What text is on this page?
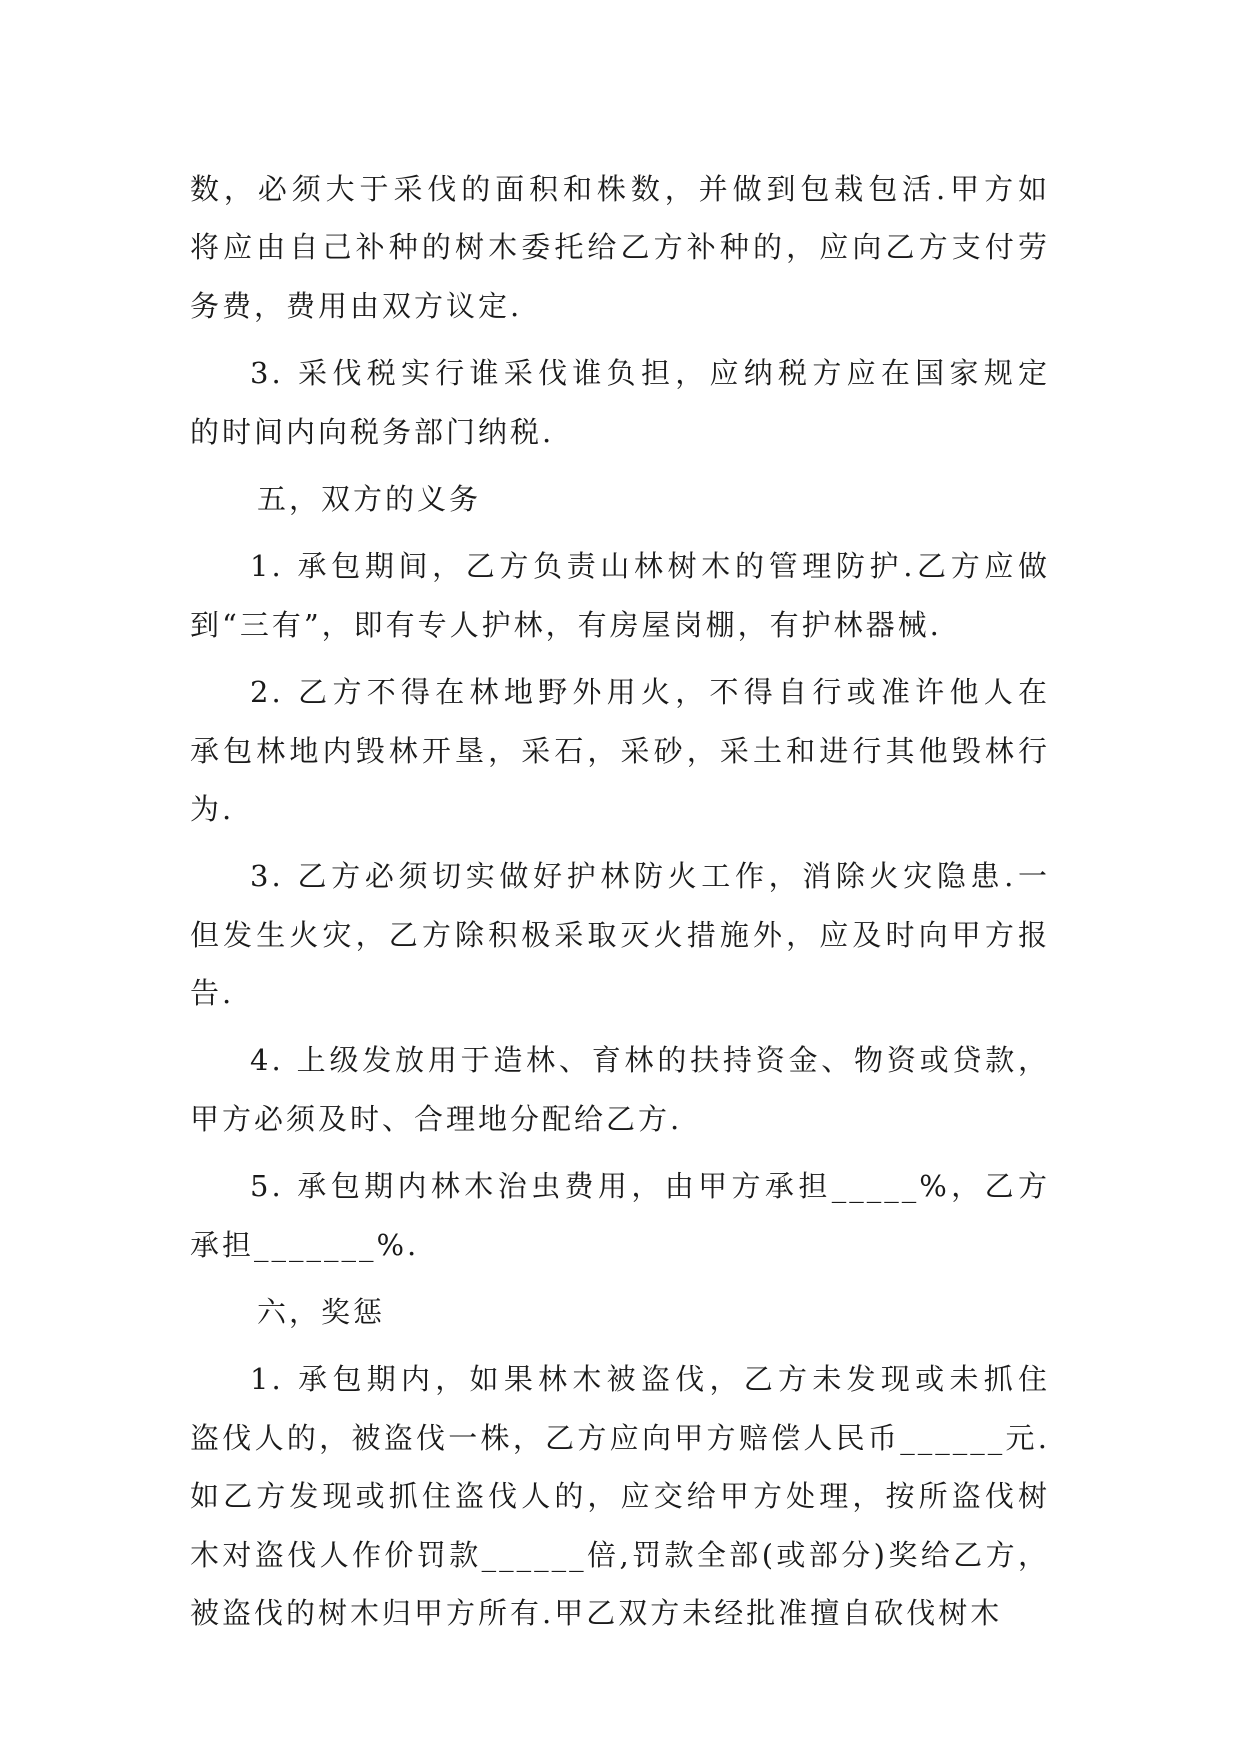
数，必须大于采伐的面积和株数，并做到包栽包活.甲方如
将应由自己补种的树木委托给乙方补种的，应向乙方支付劳
务费，费用由双方议定.
3. 采伐税实行谁采伐谁负担，应纳税方应在国家规定
的时间内向税务部门纳税.
五，双方的义务
1. 承包期间，乙方负责山林树木的管理防护.乙方应做
到“三有”，即有专人护林，有房屋岗棚，有护林器械.
2. 乙方不得在林地野外用火，不得自行或准许他人在
承包林地内毁林开垦，采石，采砂，采土和进行其他毁林行
为.
3. 乙方必须切实做好护林防火工作，消除火灾隐患.一
但发生火灾，乙方除积极采取灭火措施外，应及时向甲方报
告.
4. 上级发放用于造林、育林的扶持资金、物资或贷款，
甲方必须及时、合理地分配给乙方.
5. 承包期内林木治虫费用，由甲方承担_____%，乙方
承担_______%.
六，奖惩
1. 承包期内，如果林木被盗伐，乙方未发现或未抓住
盗伐人的，被盗伐一株，乙方应向甲方赔偿人民币______元.
如乙方发现或抓住盗伐人的，应交给甲方处理，按所盗伐树
木对盗伐人作价罚款______倍,罚款全部(或部分)奖给乙方，
被盗伐的树木归甲方所有.甲乙双方未经批准擅自砍伐树木
